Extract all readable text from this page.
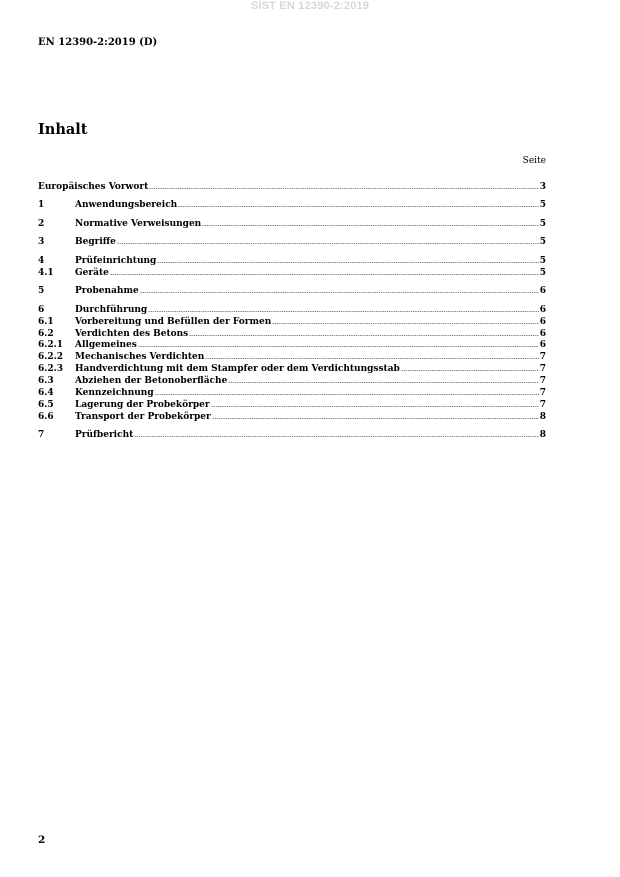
SIST EN 12390-2:2019
EN 12390-2:2019 (D)
Inhalt
Seite
Europäisches Vorwort	3
1	Anwendungsbereich	5
2	Normative Verweisungen	5
3	Begriffe	5
4	Prüfeinrichtung	5
4.1	Geräte	5
5	Probenahme	6
6	Durchführung	6
6.1	Vorbereitung und Befüllen der Formen	6
6.2	Verdichten des Betons	6
6.2.1	Allgemeines	6
6.2.2	Mechanisches Verdichten	7
6.2.3	Handverdichtung mit dem Stampfer oder dem Verdichtungsstab	7
6.3	Abziehen der Betonoberfläche	7
6.4	Kennzeichnung	7
6.5	Lagerung der Probekörper	7
6.6	Transport der Probekörper	8
7	Prüfbericht	8
2
